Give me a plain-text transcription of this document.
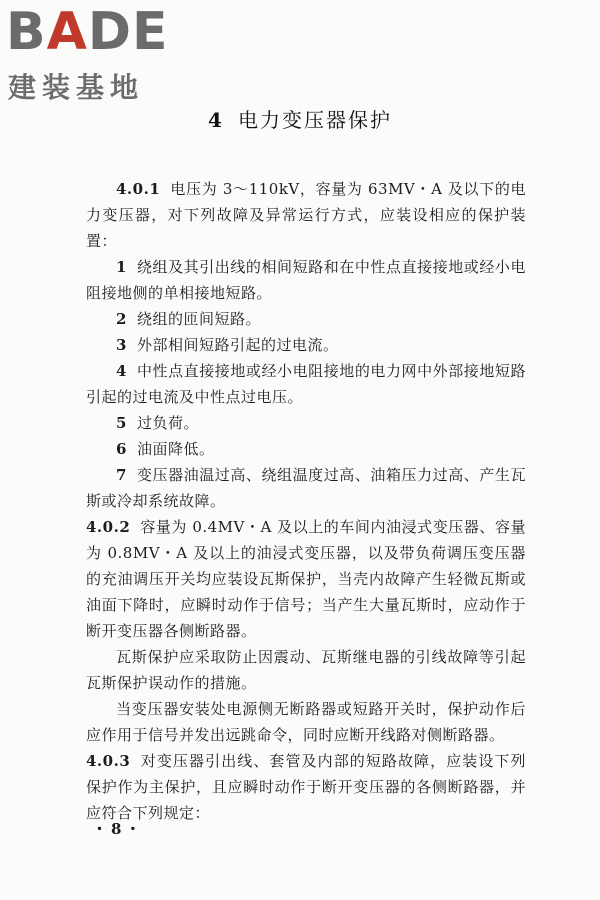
BADE
建装基地
4 电力变压器保护

4.0.1 电压为 3～110kV，容量为 63MV・A 及以下的电力变压器，对下列故障及异常运行方式，应装设相应的保护装置：

1 绕组及其引出线的相间短路和在中性点直接接地或经小电阻接地侧的单相接地短路。

2 绕组的匝间短路。

3 外部相间短路引起的过电流。

4 中性点直接接地或经小电阻接地的电力网中外部接地短路引起的过电流及中性点过电压。

5 过负荷。

6 油面降低。

7 变压器油温过高、绕组温度过高、油箱压力过高、产生瓦斯或冷却系统故障。

4.0.2 容量为 0.4MV・A 及以上的车间内油浸式变压器、容量为 0.8MV・A 及以上的油浸式变压器，以及带负荷调压变压器的充油调压开关均应装设瓦斯保护，当壳内故障产生轻微瓦斯或油面下降时，应瞬时动作于信号；当产生大量瓦斯时，应动作于断开变压器各侧断路器。

瓦斯保护应采取防止因震动、瓦斯继电器的引线故障等引起瓦斯保护误动作的措施。

当变压器安装处电源侧无断路器或短路开关时，保护动作后应作用于信号并发出远跳命令，同时应断开线路对侧断路器。

4.0.3 对变压器引出线、套管及内部的短路故障，应装设下列保护作为主保护，且应瞬时动作于断开变压器的各侧断路器，并应符合下列规定：

・8・
